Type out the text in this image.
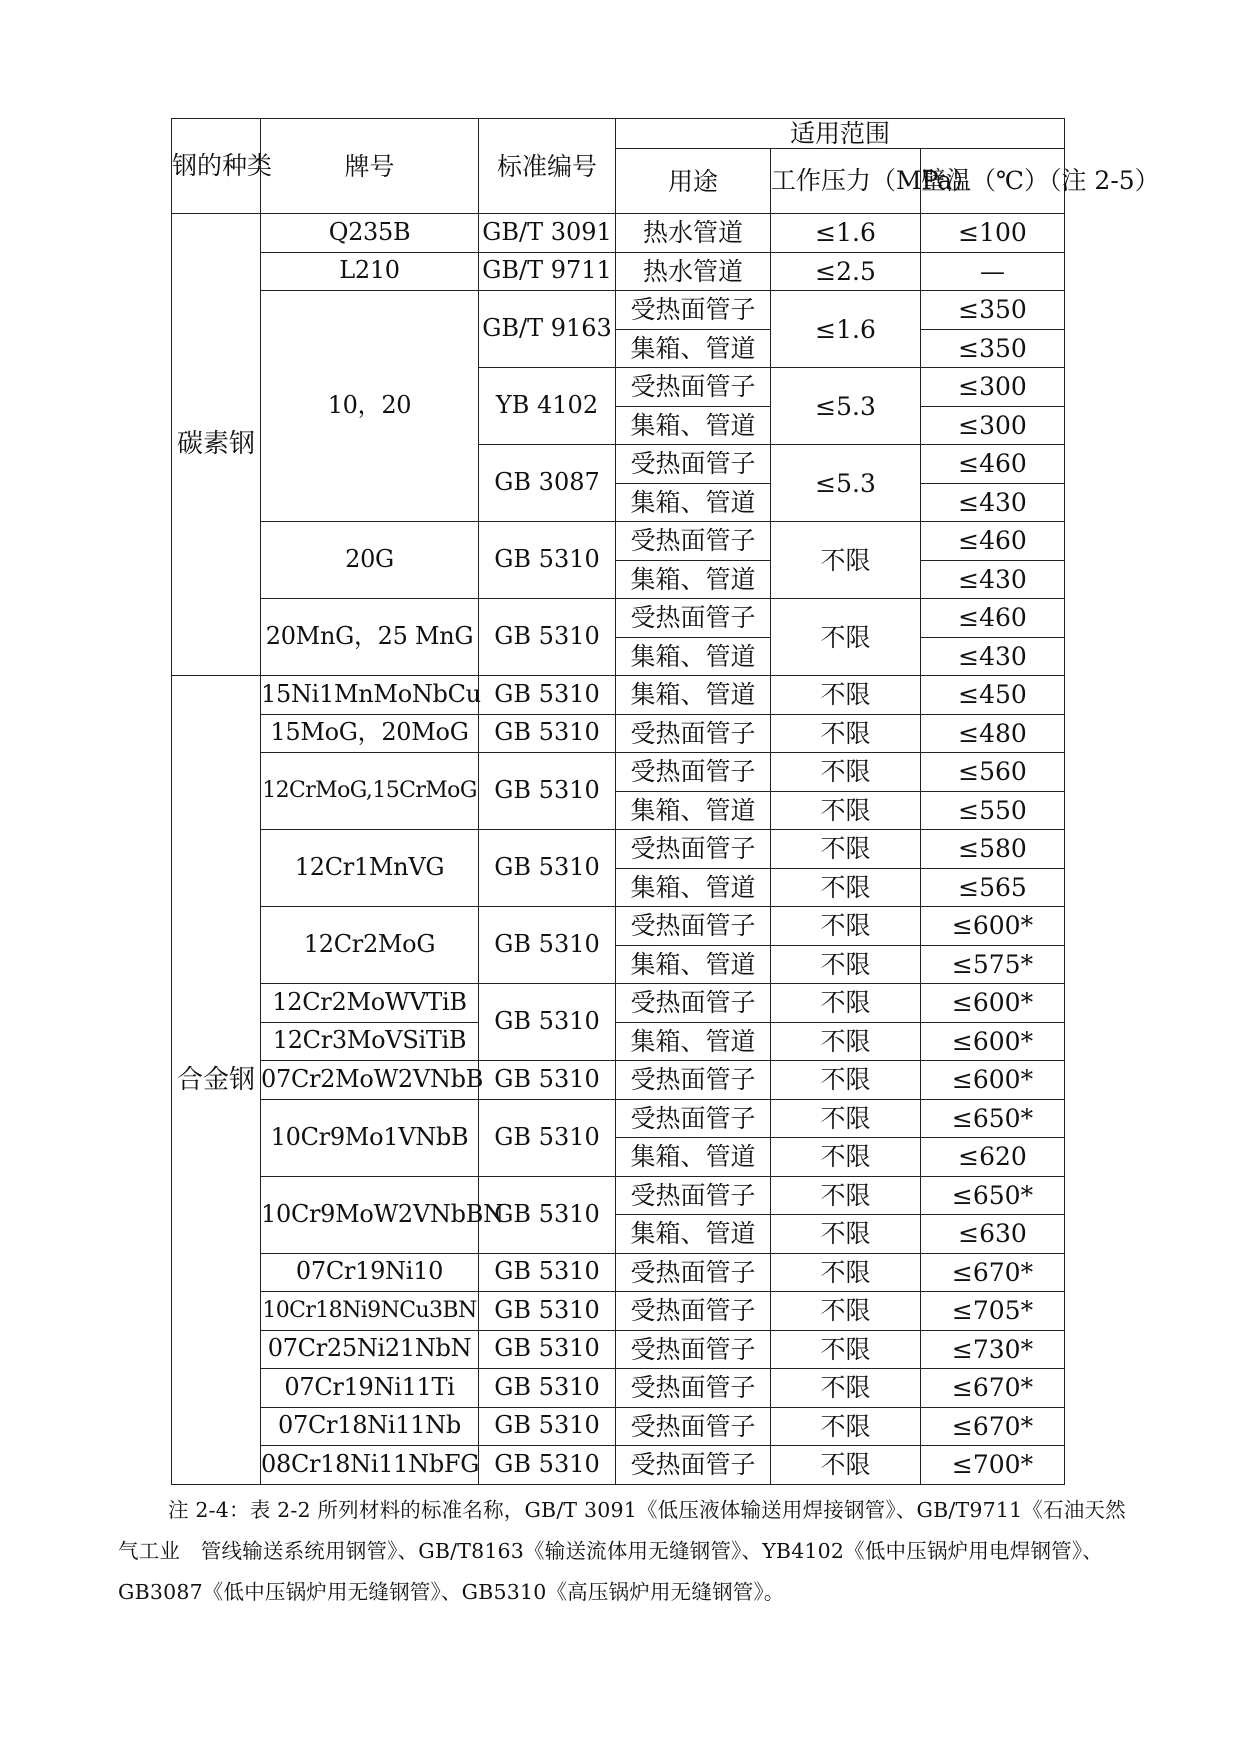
钢的种类	牌号	标准编号	适用范围		
			用途	工作压力（MPa）	壁温（℃）（注 2-5）
碳素钢	Q235B	GB/T 3091	热水管道	≤1.6	≤100
	L210	GB/T 9711	热水管道	≤2.5	—
	10，20	GB/T 9163	受热面管子	≤1.6	≤350
			集箱、管道		≤350
		YB 4102	受热面管子	≤5.3	≤300
			集箱、管道		≤300
		GB 3087	受热面管子	≤5.3	≤460
			集箱、管道		≤430
	20G	GB 5310	受热面管子	不限	≤460
			集箱、管道		≤430
	20MnG，25 MnG	GB 5310	受热面管子	不限	≤460
			集箱、管道		≤430
合金钢	15Ni1MnMoNbCu	GB 5310	集箱、管道	不限	≤450
	15MoG，20MoG	GB 5310	受热面管子	不限	≤480
	12CrMoG,15CrMoG	GB 5310	受热面管子	不限	≤560
			集箱、管道	不限	≤550
	12Cr1MnVG	GB 5310	受热面管子	不限	≤580
			集箱、管道	不限	≤565
	12Cr2MoG	GB 5310	受热面管子	不限	≤600*
			集箱、管道	不限	≤575*
	12Cr2MoWVTiB	GB 5310	受热面管子	不限	≤600*
	12Cr3MoVSiTiB		集箱、管道	不限	≤600*
	07Cr2MoW2VNbB	GB 5310	受热面管子	不限	≤600*
	10Cr9Mo1VNbB	GB 5310	受热面管子	不限	≤650*
			集箱、管道	不限	≤620
	10Cr9MoW2VNbBN	GB 5310	受热面管子	不限	≤650*
			集箱、管道	不限	≤630
	07Cr19Ni10	GB 5310	受热面管子	不限	≤670*
	10Cr18Ni9NCu3BN	GB 5310	受热面管子	不限	≤705*
	07Cr25Ni21NbN	GB 5310	受热面管子	不限	≤730*
	07Cr19Ni11Ti	GB 5310	受热面管子	不限	≤670*
	07Cr18Ni11Nb	GB 5310	受热面管子	不限	≤670*
	08Cr18Ni11NbFG	GB 5310	受热面管子	不限	≤700*

注 2-4：表 2-2 所列材料的标准名称，GB/T 3091《低压液体输送用焊接钢管》、GB/T9711《石油天然气工业　管线输送系统用钢管》、GB/T8163《输送流体用无缝钢管》、YB4102《低中压锅炉用电焊钢管》、GB3087《低中压锅炉用无缝钢管》、GB5310《高压锅炉用无缝钢管》。
